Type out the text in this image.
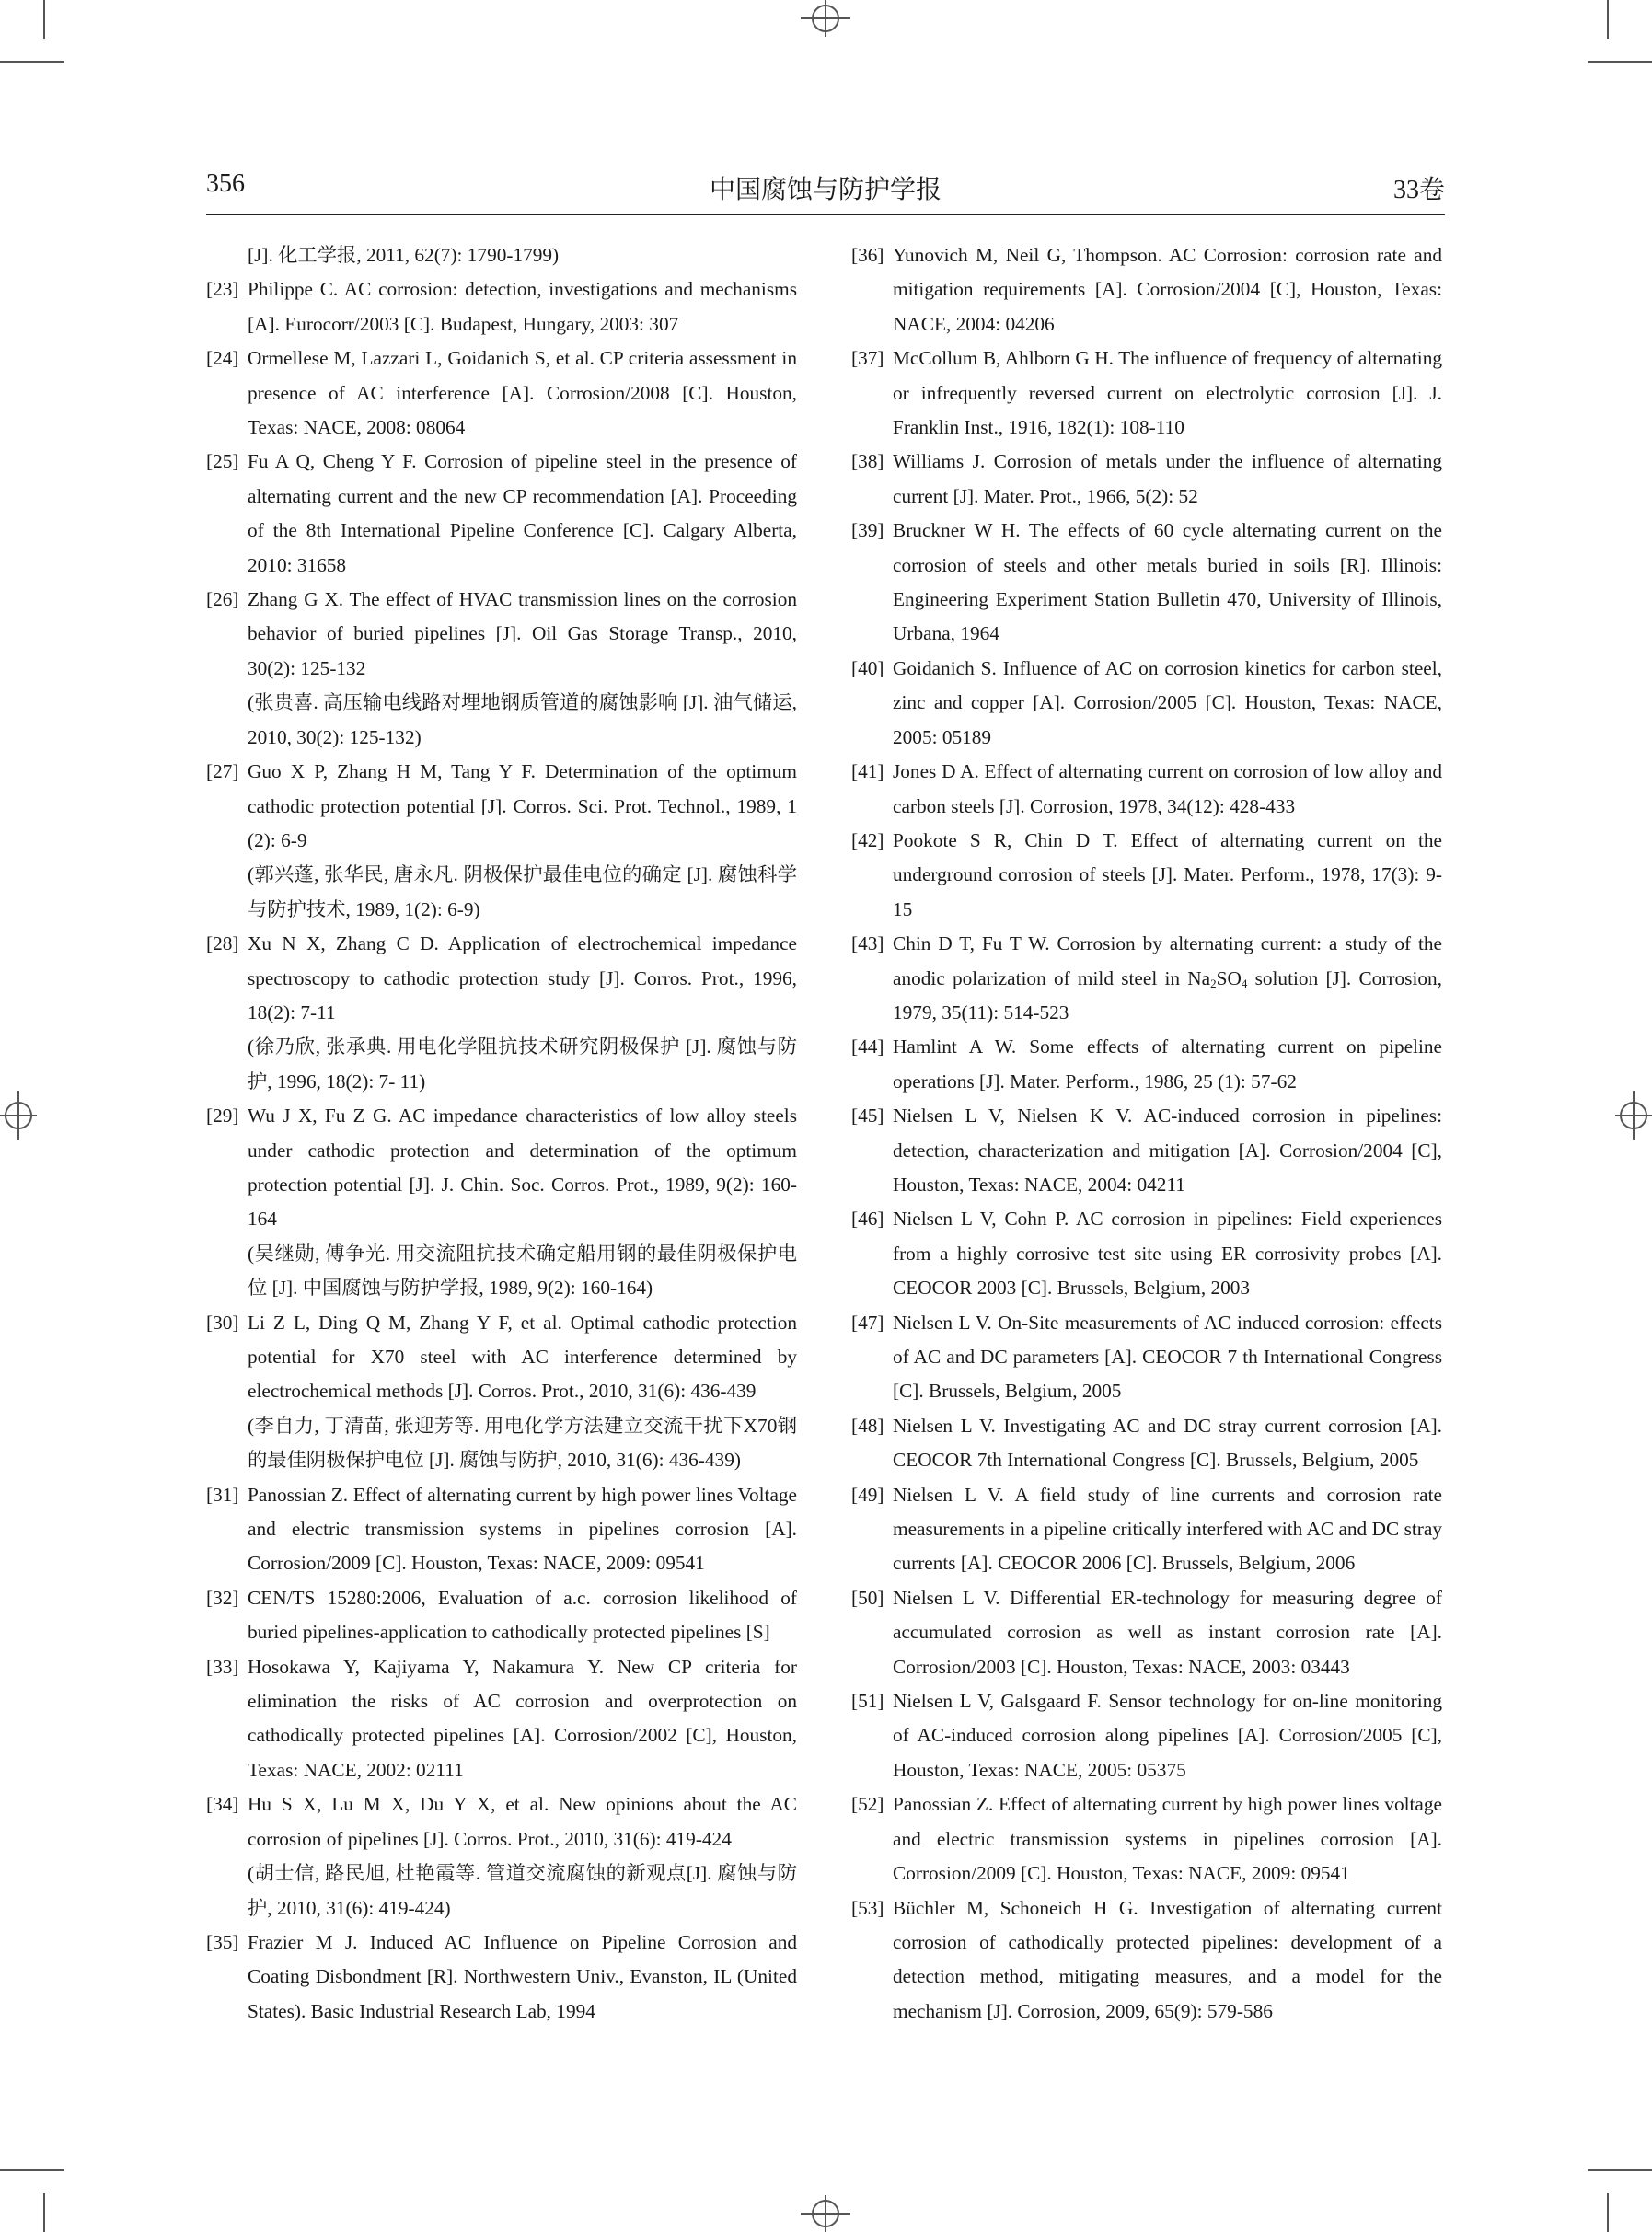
356	中国腐蚀与防护学报	33卷
[J]. 化工学报, 2011, 62(7): 1790-1799)
[23] Philippe C. AC corrosion: detection, investigations and mechanisms [A]. Eurocorr/2003 [C]. Budapest, Hungary, 2003: 307
[24] Ormellese M, Lazzari L, Goidanich S, et al. CP criteria assessment in presence of AC interference [A]. Corrosion/2008 [C]. Houston, Texas: NACE, 2008: 08064
[25] Fu A Q, Cheng Y F. Corrosion of pipeline steel in the presence of alternating current and the new CP recommendation [A]. Proceeding of the 8th International Pipeline Conference [C]. Calgary Alberta, 2010: 31658
[26] Zhang G X. The effect of HVAC transmission lines on the corrosion behavior of buried pipelines [J]. Oil Gas Storage Transp., 2010, 30(2): 125-132
(张贵喜. 高压输电线路对埋地钢质管道的腐蚀影响 [J]. 油气储运, 2010, 30(2): 125-132)
[27] Guo X P, Zhang H M, Tang Y F. Determination of the optimum cathodic protection potential [J]. Corros. Sci. Prot. Technol., 1989, 1 (2): 6-9
(郭兴蓬, 张华民, 唐永凡. 阴极保护最佳电位的确定 [J]. 腐蚀科学与防护技术, 1989, 1(2): 6-9)
[28] Xu N X, Zhang C D. Application of electrochemical impedance spectroscopy to cathodic protection study [J]. Corros. Prot., 1996, 18(2): 7-11
(徐乃欣, 张承典. 用电化学阻抗技术研究阴极保护 [J]. 腐蚀与防护, 1996, 18(2): 7- 11)
[29] Wu J X, Fu Z G. AC impedance characteristics of low alloy steels under cathodic protection and determination of the optimum protection potential [J]. J. Chin. Soc. Corros. Prot., 1989, 9(2): 160-164
(吴继勋, 傅争光. 用交流阻抗技术确定船用钢的最佳阴极保护电位 [J]. 中国腐蚀与防护学报, 1989, 9(2): 160-164)
[30] Li Z L, Ding Q M, Zhang Y F, et al. Optimal cathodic protection potential for X70 steel with AC interference determined by electrochemical methods [J]. Corros. Prot., 2010, 31(6): 436-439
(李自力, 丁清苗, 张迎芳等. 用电化学方法建立交流干扰下X70钢的最佳阴极保护电位 [J]. 腐蚀与防护, 2010, 31(6): 436-439)
[31] Panossian Z. Effect of alternating current by high power lines Voltage and electric transmission systems in pipelines corrosion [A]. Corrosion/2009 [C]. Houston, Texas: NACE, 2009: 09541
[32] CEN/TS 15280:2006, Evaluation of a.c. corrosion likelihood of buried pipelines-application to cathodically protected pipelines [S]
[33] Hosokawa Y, Kajiyama Y, Nakamura Y. New CP criteria for elimination the risks of AC corrosion and overprotection on cathodically protected pipelines [A]. Corrosion/2002 [C], Houston, Texas: NACE, 2002: 02111
[34] Hu S X, Lu M X, Du Y X, et al. New opinions about the AC corrosion of pipelines [J]. Corros. Prot., 2010, 31(6): 419-424
(胡士信, 路民旭, 杜艳霞等. 管道交流腐蚀的新观点[J]. 腐蚀与防护, 2010, 31(6): 419-424)
[35] Frazier M J. Induced AC Influence on Pipeline Corrosion and Coating Disbondment [R]. Northwestern Univ., Evanston, IL (United States). Basic Industrial Research Lab, 1994
[36] Yunovich M, Neil G, Thompson. AC Corrosion: corrosion rate and mitigation requirements [A]. Corrosion/2004 [C], Houston, Texas: NACE, 2004: 04206
[37] McCollum B, Ahlborn G H. The influence of frequency of alternating or infrequently reversed current on electrolytic corrosion [J]. J. Franklin Inst., 1916, 182(1): 108-110
[38] Williams J. Corrosion of metals under the influence of alternating current [J]. Mater. Prot., 1966, 5(2): 52
[39] Bruckner W H. The effects of 60 cycle alternating current on the corrosion of steels and other metals buried in soils [R]. Illinois: Engineering Experiment Station Bulletin 470, University of Illinois, Urbana, 1964
[40] Goidanich S. Influence of AC on corrosion kinetics for carbon steel, zinc and copper [A]. Corrosion/2005 [C]. Houston, Texas: NACE, 2005: 05189
[41] Jones D A. Effect of alternating current on corrosion of low alloy and carbon steels [J]. Corrosion, 1978, 34(12): 428-433
[42] Pookote S R, Chin D T. Effect of alternating current on the underground corrosion of steels [J]. Mater. Perform., 1978, 17(3): 9-15
[43] Chin D T, Fu T W. Corrosion by alternating current: a study of the anodic polarization of mild steel in $Na_2SO_4$ solution [J]. Corrosion, 1979, 35(11): 514-523
[44] Hamlint A W. Some effects of alternating current on pipeline operations [J]. Mater. Perform., 1986, 25 (1): 57-62
[45] Nielsen L V, Nielsen K V. AC-induced corrosion in pipelines: detection, characterization and mitigation [A]. Corrosion/2004 [C], Houston, Texas: NACE, 2004: 04211
[46] Nielsen L V, Cohn P. AC corrosion in pipelines: Field experiences from a highly corrosive test site using ER corrosivity probes [A]. CEOCOR 2003 [C]. Brussels, Belgium, 2003
[47] Nielsen L V. On-Site measurements of AC induced corrosion: effects of AC and DC parameters [A]. CEOCOR 7 th International Congress [C]. Brussels, Belgium, 2005
[48] Nielsen L V. Investigating AC and DC stray current corrosion [A]. CEOCOR 7th International Congress [C]. Brussels, Belgium, 2005
[49] Nielsen L V. A field study of line currents and corrosion rate measurements in a pipeline critically interfered with AC and DC stray currents [A]. CEOCOR 2006 [C]. Brussels, Belgium, 2006
[50] Nielsen L V. Differential ER-technology for measuring degree of accumulated corrosion as well as instant corrosion rate [A]. Corrosion/2003 [C]. Houston, Texas: NACE, 2003: 03443
[51] Nielsen L V, Galsgaard F. Sensor technology for on-line monitoring of AC-induced corrosion along pipelines [A]. Corrosion/2005 [C], Houston, Texas: NACE, 2005: 05375
[52] Panossian Z. Effect of alternating current by high power lines voltage and electric transmission systems in pipelines corrosion [A]. Corrosion/2009 [C]. Houston, Texas: NACE, 2009: 09541
[53] Büchler M, Schoneich H G. Investigation of alternating current corrosion of cathodically protected pipelines: development of a detection method, mitigating measures, and a model for the mechanism [J]. Corrosion, 2009, 65(9): 579-586
